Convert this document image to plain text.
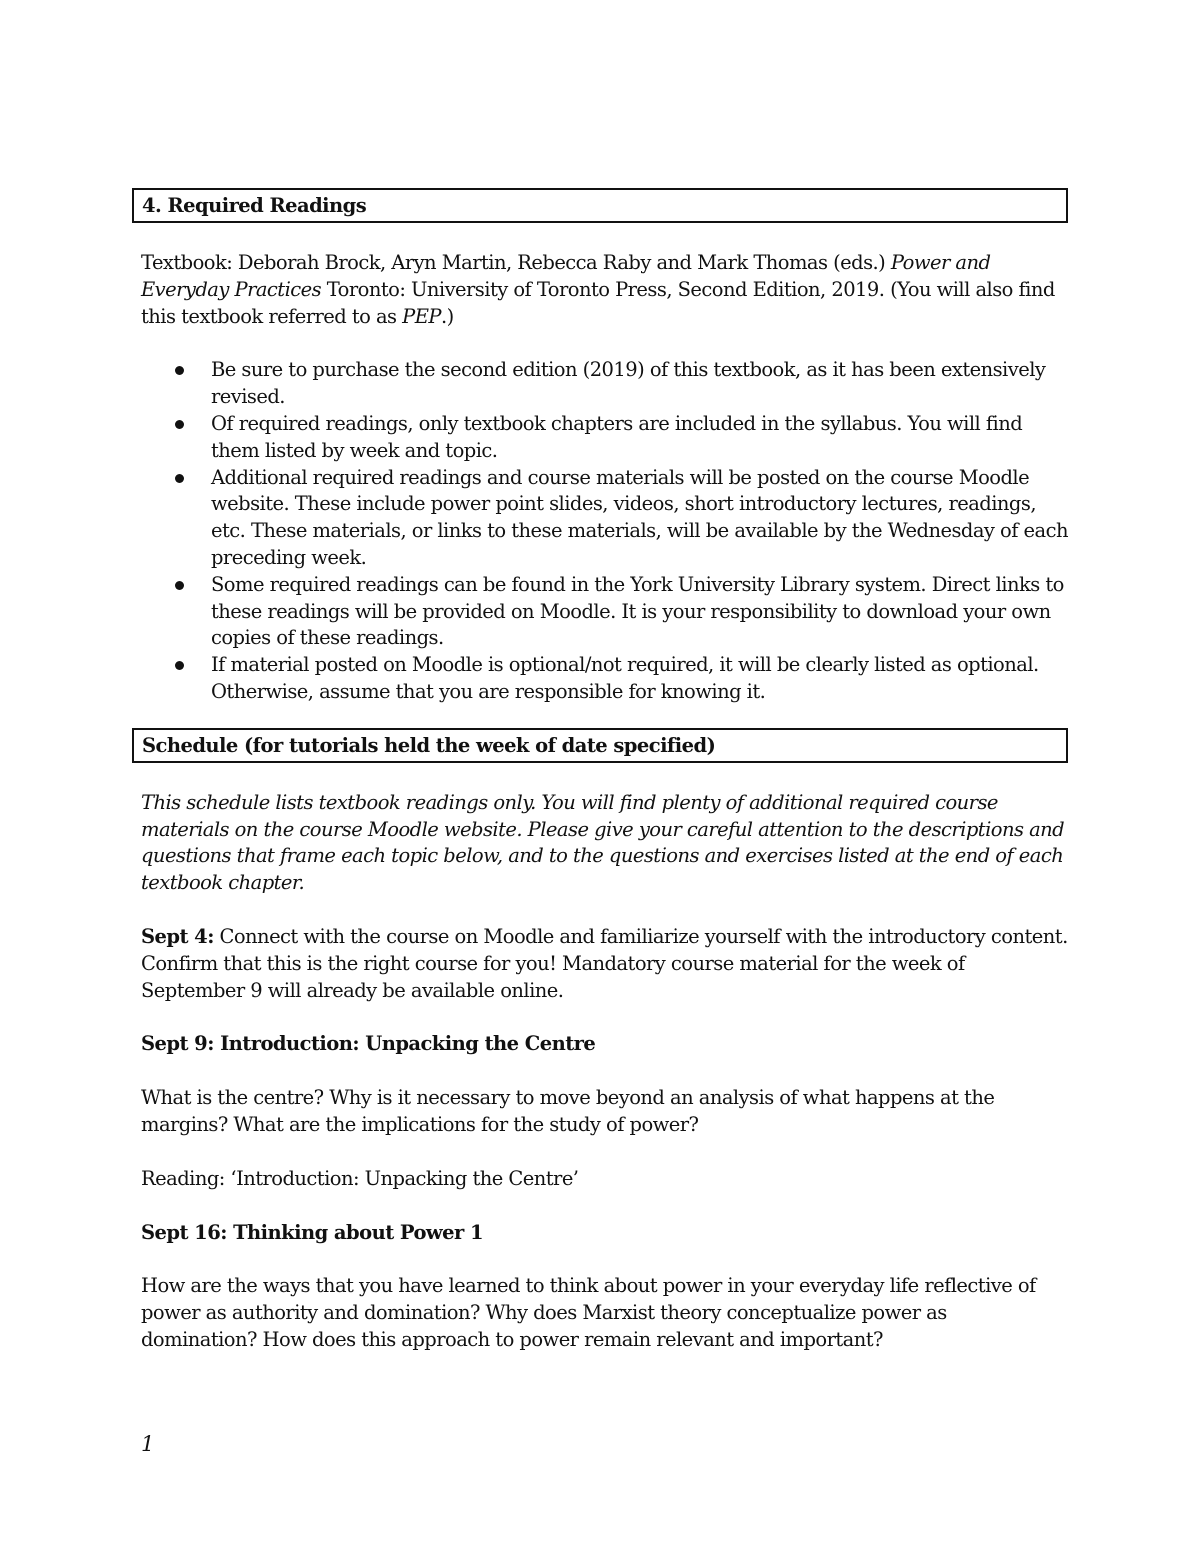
4. Required Readings

Textbook: Deborah Brock, Aryn Martin, Rebecca Raby and Mark Thomas (eds.) Power and Everyday Practices Toronto: University of Toronto Press, Second Edition, 2019. (You will also find this textbook referred to as PEP.)

Be sure to purchase the second edition (2019) of this textbook, as it has been extensively revised.
Of required readings, only textbook chapters are included in the syllabus. You will find them listed by week and topic.
Additional required readings and course materials will be posted on the course Moodle website. These include power point slides, videos, short introductory lectures, readings, etc. These materials, or links to these materials, will be available by the Wednesday of each preceding week.
Some required readings can be found in the York University Library system. Direct links to these readings will be provided on Moodle. It is your responsibility to download your own copies of these readings.
If material posted on Moodle is optional/not required, it will be clearly listed as optional. Otherwise, assume that you are responsible for knowing it.
Schedule (for tutorials held the week of date specified)

This schedule lists textbook readings only. You will find plenty of additional required course materials on the course Moodle website. Please give your careful attention to the descriptions and questions that frame each topic below, and to the questions and exercises listed at the end of each textbook chapter.

Sept 4: Connect with the course on Moodle and familiarize yourself with the introductory content. Confirm that this is the right course for you! Mandatory course material for the week of September 9 will already be available online.

Sept 9: Introduction: Unpacking the Centre

What is the centre? Why is it necessary to move beyond an analysis of what happens at the margins? What are the implications for the study of power?

Reading: ‘Introduction: Unpacking the Centre’

Sept 16: Thinking about Power 1

How are the ways that you have learned to think about power in your everyday life reflective of power as authority and domination? Why does Marxist theory conceptualize power as domination? How does this approach to power remain relevant and important?

1
